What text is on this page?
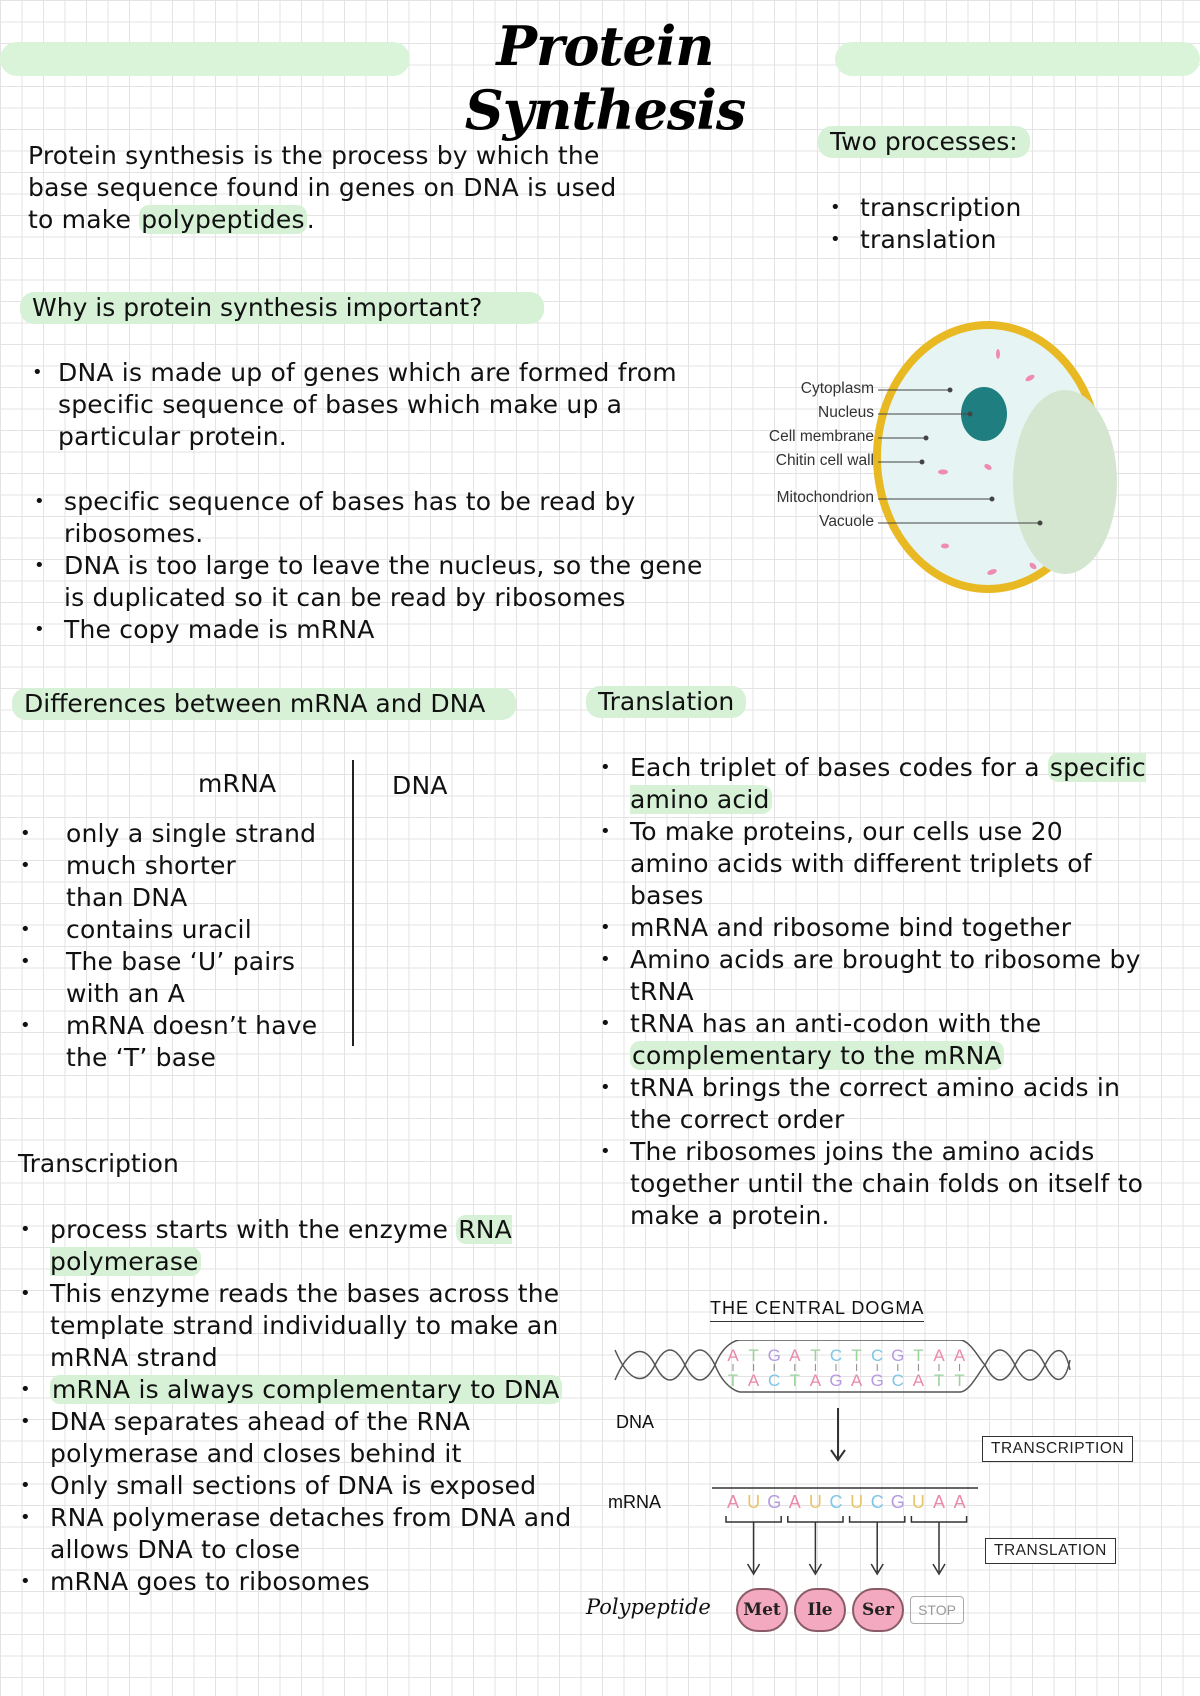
Protein Synthesis
Protein synthesis is the process by which the base sequence found in genes on DNA is used to make polypeptides.
Two processes:
• transcription
• translation
Why is protein synthesis important?
• DNA is made up of genes which are formed from specific sequence of bases which make up a particular protein.
• specific sequence of bases has to be read by ribosomes.
• DNA is too large to leave the nucleus, so the gene is duplicated so it can be read by ribosomes
• The copy made is mRNA
Cytoplasm
Nucleus
Cell membrane
Chitin cell wall
Mitochondrion
Vacuole
Differences between mRNA and DNA
mRNA	DNA
• only a single strand
• much shorter than DNA
• contains uracil
• The base ‘U’ pairs with an A
• mRNA doesn’t have the ‘T’ base
Translation
• Each triplet of bases codes for a specific amino acid
• To make proteins, our cells use 20 amino acids with different triplets of bases
• mRNA and ribosome bind together
• Amino acids are brought to ribosome by tRNA
• tRNA has an anti-codon with the complementary to the mRNA
• tRNA brings the correct amino acids in the correct order
• The ribosomes joins the amino acids together until the chain folds on itself to make a protein.
Transcription
• process starts with the enzyme RNA polymerase
• This enzyme reads the bases across the template strand individually to make an mRNA strand
• mRNA is always complementary to DNA
• DNA separates ahead of the RNA polymerase and closes behind it
• Only small sections of DNA is exposed
• RNA polymerase detaches from DNA and allows DNA to close
• mRNA goes to ribosomes
THE CENTRAL DOGMA
DNA
mRNA
Polypeptide
TRANSCRIPTION
TRANSLATION
A T G A T C T C G T A A
T A C T A G A G C A T T
A U G A U C U C G U A A
Met	Ile	Ser	STOP
